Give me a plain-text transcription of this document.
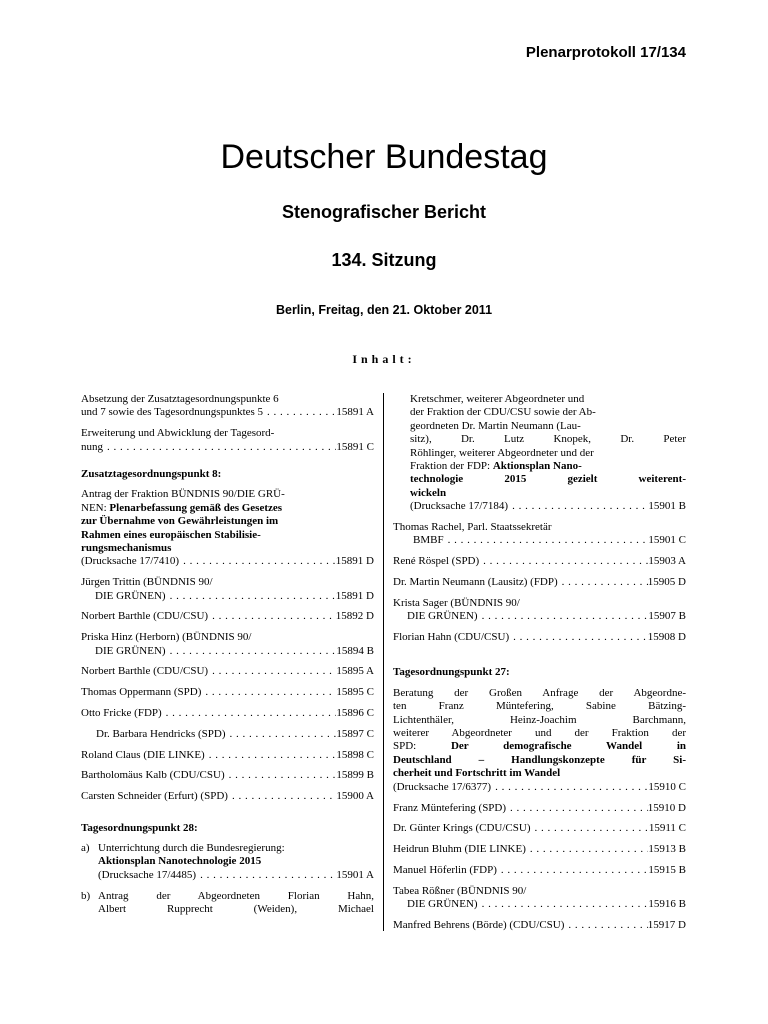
Plenarprotokoll 17/134
Deutscher Bundestag
Stenografischer Bericht
134. Sitzung
Berlin, Freitag, den 21. Oktober 2011
Inhalt:
Absetzung der Zusatztagesordnungspunkte 6
und 7 sowie des Tagesordnungspunktes 5 . . .	15891 A
Erweiterung und Abwicklung der Tagesord-
nung . . .	15891 C
Zusatztagesordnungspunkt 8:
Antrag der Fraktion BÜNDNIS 90/DIE GRÜ-
NEN: Plenarbefassung gemäß des Gesetzes
zur Übernahme von Gewährleistungen im
Rahmen eines europäischen Stabilisie-
rungsmechanismus
(Drucksache 17/7410) . . .	15891 D
Jürgen Trittin (BÜNDNIS 90/
DIE GRÜNEN) . . .	15891 D
Norbert Barthle (CDU/CSU) . . .	15892 D
Priska Hinz (Herborn) (BÜNDNIS 90/
DIE GRÜNEN) . . .	15894 B
Norbert Barthle (CDU/CSU) . . .	15895 A
Thomas Oppermann (SPD) . . .	15895 C
Otto Fricke (FDP) . . .	15896 C
Dr. Barbara Hendricks (SPD) . . .	15897 C
Roland Claus (DIE LINKE) . . .	15898 C
Bartholomäus Kalb (CDU/CSU) . . .	15899 B
Carsten Schneider (Erfurt) (SPD) . . .	15900 A
Tagesordnungspunkt 28:
a) Unterrichtung durch die Bundesregierung:
Aktionsplan Nanotechnologie 2015
(Drucksache 17/4485) . . .	15901 A
b) Antrag der Abgeordneten Florian Hahn,
Albert Rupprecht (Weiden), Michael
Kretschmer, weiterer Abgeordneter und
der Fraktion der CDU/CSU sowie der Ab-
geordneten Dr. Martin Neumann (Lau-
sitz), Dr. Lutz Knopek, Dr. Peter
Röhlinger, weiterer Abgeordneter und der
Fraktion der FDP: Aktionsplan Nano-
technologie 2015 gezielt weiterent-
wickeln
(Drucksache 17/7184) . . .	15901 B
Thomas Rachel, Parl. Staatssekretär
BMBF . . .	15901 C
René Röspel (SPD) . . .	15903 A
Dr. Martin Neumann (Lausitz) (FDP) . . .	15905 D
Krista Sager (BÜNDNIS 90/
DIE GRÜNEN) . . .	15907 B
Florian Hahn (CDU/CSU) . . .	15908 D
Tagesordnungspunkt 27:
Beratung der Großen Anfrage der Abgeordne-
ten Franz Müntefering, Sabine Bätzing-
Lichtenthäler, Heinz-Joachim Barchmann,
weiterer Abgeordneter und der Fraktion der
SPD: Der demografische Wandel in
Deutschland – Handlungskonzepte für Si-
cherheit und Fortschritt im Wandel
(Drucksache 17/6377) . . .	15910 C
Franz Müntefering (SPD) . . .	15910 D
Dr. Günter Krings (CDU/CSU) . . .	15911 C
Heidrun Bluhm (DIE LINKE) . . .	15913 B
Manuel Höferlin (FDP) . . .	15915 B
Tabea Rößner (BÜNDNIS 90/
DIE GRÜNEN) . . .	15916 B
Manfred Behrens (Börde) (CDU/CSU) . . .	15917 D
